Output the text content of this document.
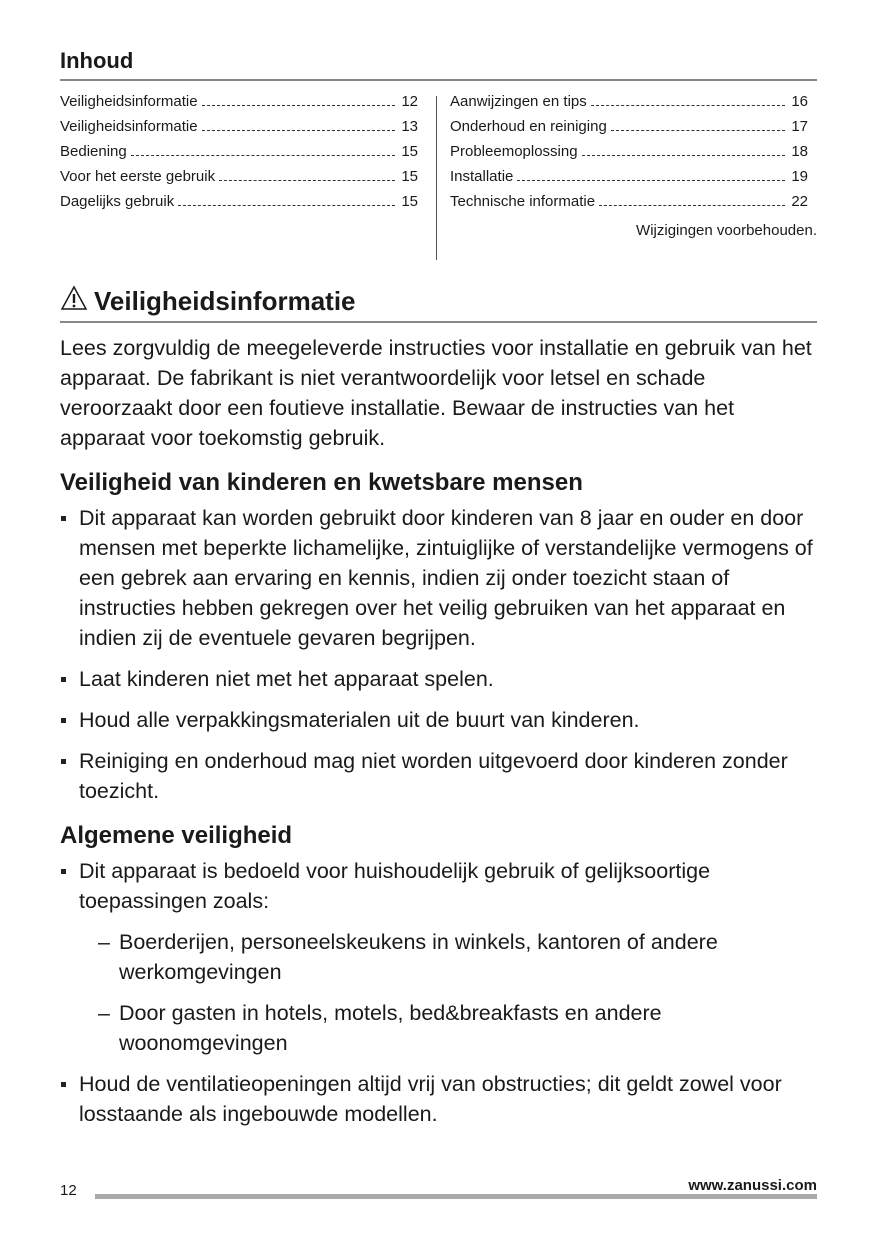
Inhoud
Veiligheidsinformatie	12
Veiligheidsinformatie	13
Bediening	15
Voor het eerste gebruik	15
Dagelijks gebruik	15
Aanwijzingen en tips	16
Onderhoud en reiniging	17
Probleemoplossing	18
Installatie	19
Technische informatie	22
Wijzigingen voorbehouden.
Veiligheidsinformatie

Lees zorgvuldig de meegeleverde instructies voor installatie en gebruik van het apparaat. De fabrikant is niet verantwoordelijk voor letsel en schade veroorzaakt door een foutieve installatie. Bewaar de instructies van het apparaat voor toekomstig gebruik.

Veiligheid van kinderen en kwetsbare mensen
Dit apparaat kan worden gebruikt door kinderen van 8 jaar en ouder en door mensen met beperkte lichamelijke, zintuiglijke of verstandelijke vermogens of een gebrek aan ervaring en kennis, indien zij onder toezicht staan of instructies hebben gekregen over het veilig gebruiken van het apparaat en indien zij de eventuele gevaren begrijpen.
Laat kinderen niet met het apparaat spelen.
Houd alle verpakkingsmaterialen uit de buurt van kinderen.
Reiniging en onderhoud mag niet worden uitgevoerd door kinderen zonder toezicht.
Algemene veiligheid
Dit apparaat is bedoeld voor huishoudelijk gebruik of gelijksoortige toepassingen zoals:
– Boerderijen, personeelskeukens in winkels, kantoren of andere werkomgevingen
– Door gasten in hotels, motels, bed&breakfasts en andere woonomgevingen
Houd de ventilatieopeningen altijd vrij van obstructies; dit geldt zowel voor losstaande als ingebouwde modellen.
12	www.zanussi.com
